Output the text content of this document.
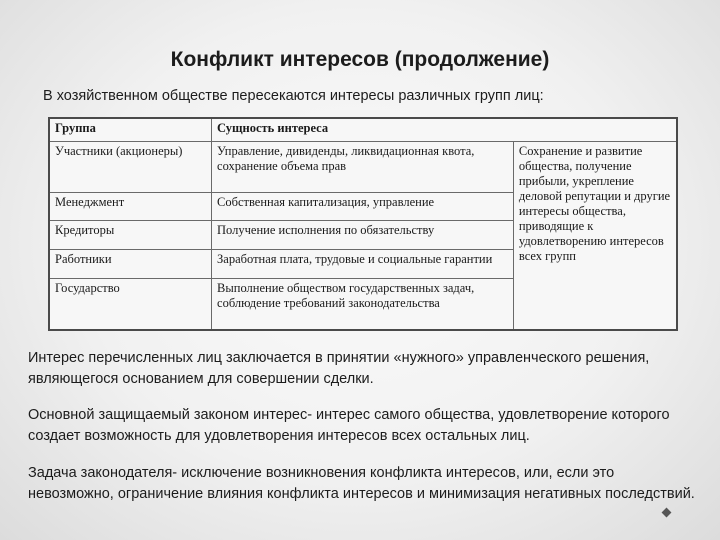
Конфликт интересов (продолжение)
В хозяйственном обществе пересекаются интересы различных групп лиц:
Группа	Сущность интереса	
Участники (акционеры)	Управление, дивиденды, ликвидационная квота, сохранение объема прав	Сохранение и развитие общества, получение прибыли, укрепление деловой репутации и другие интересы общества, приводящие к удовлетворению интересов всех групп
Менеджмент	Собственная капитализация, управление	
Кредиторы	Получение исполнения по обязательству	
Работники	Заработная плата, трудовые и социальные гарантии	
Государство	Выполнение обществом государственных задач, соблюдение требований законодательства	
Интерес перечисленных лиц заключается в принятии «нужного» управленческого решения, являющегося основанием для совершении сделки.
Основной защищаемый законом интерес- интерес самого общества, удовлетворение которого создает возможность для удовлетворения интересов всех остальных лиц.
Задача законодателя- исключение возникновения конфликта интересов, или, если это невозможно, ограничение влияния конфликта интересов и минимизация негативных последствий.
